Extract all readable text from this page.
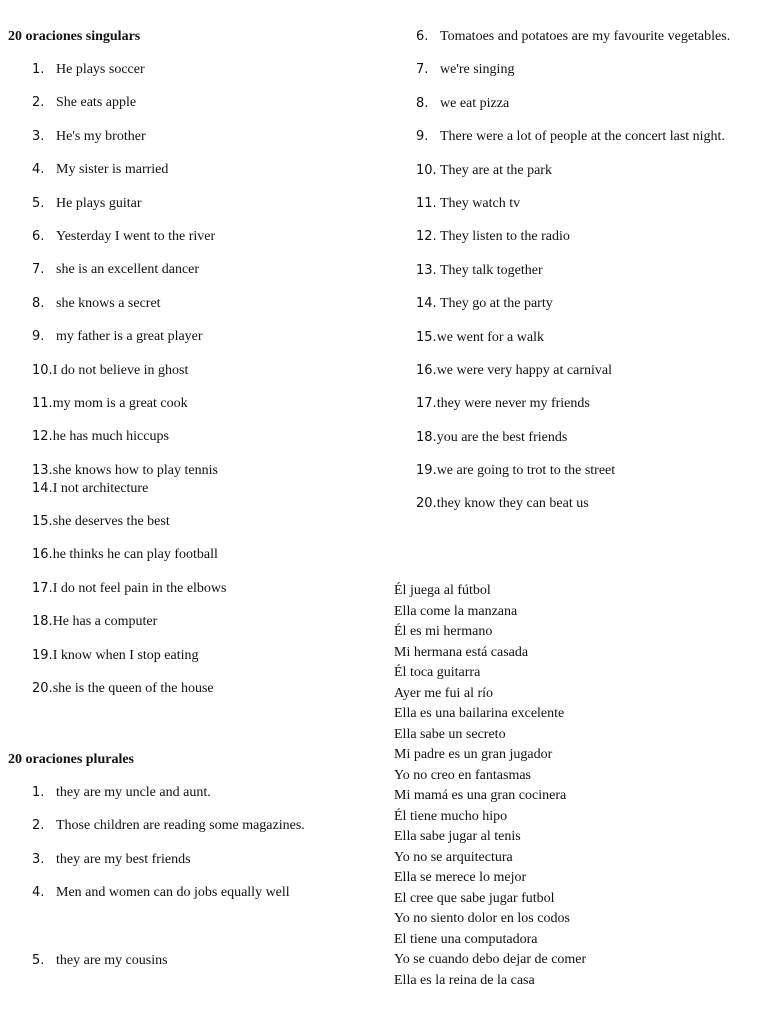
20 oraciones singulars
1. He plays soccer
2. She eats apple
3. He's my brother
4. My sister is married
5. He plays guitar
6. Yesterday I went to the river
7. she is an excellent dancer
8. she knows a secret
9. my father is a great player
10. I do not believe in ghost
11. my mom is a great cook
12. he has much hiccups
13. she knows how to play tennis
14. I not architecture
15. she deserves the best
16. he thinks he can play football
17. I do not feel pain in the elbows
18. He has a computer
19. I know when I stop eating
20. she is the queen of the house
20 oraciones plurales
1. they are my uncle and aunt.
2. Those children are reading some magazines.
3. they are my best friends
4. Men and women can do jobs equally well
5. they are my cousins
6. Tomatoes and potatoes are my favourite vegetables.
7. we're singing
8. we eat pizza
9. There were a lot of people at the concert last night.
10. They are at the park
11. They watch tv
12. They listen to the radio
13. They talk together
14. They go at the party
15. we went for a walk
16. we were very happy at carnival
17. they were never my friends
18. you are the best friends
19. we are going to trot to the street
20. they know they can beat us
Él juega al fútbol
Ella come la manzana
Él es mi hermano
Mi hermana está casada
Él toca guitarra
Ayer me fui al río
Ella es una bailarina excelente
Ella sabe un secreto
Mi padre es un gran jugador
Yo no creo en fantasmas
Mi mamá es una gran cocinera
Él tiene mucho hipo
Ella sabe jugar al tenis
Yo no se arquitectura
Ella se merece lo mejor
El cree que sabe jugar futbol
Yo no siento dolor en los codos
El tiene una computadora
Yo se cuando debo dejar de comer
Ella es la reina de la casa
